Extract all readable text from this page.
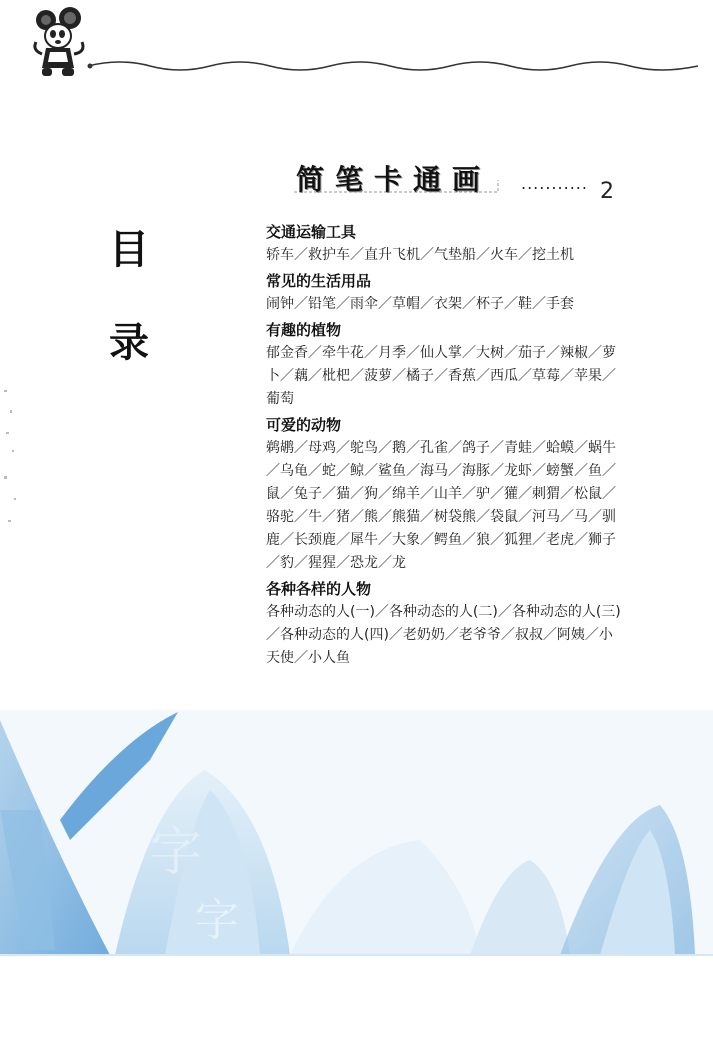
简笔卡通画 ........... 2
目
录
交通运输工具
轿车／救护车／直升飞机／气垫船／火车／挖土机
常见的生活用品
闹钟／铅笔／雨伞／草帽／衣架／杯子／鞋／手套
有趣的植物
郁金香／牵牛花／月季／仙人掌／大树／茄子／辣椒／萝卜／藕／枇杷／菠萝／橘子／香蕉／西瓜／草莓／苹果／葡萄
可爱的动物
鹈鹕／母鸡／鸵鸟／鹅／孔雀／鸽子／青蛙／蛤蟆／蜗牛／乌龟／蛇／鲸／鲨鱼／海马／海豚／龙虾／螃蟹／鱼／鼠／兔子／猫／狗／绵羊／山羊／驴／獾／刺猬／松鼠／骆驼／牛／猪／熊／熊猫／树袋熊／袋鼠／河马／马／驯鹿／长颈鹿／犀牛／大象／鳄鱼／狼／狐狸／老虎／狮子／豹／猩猩／恐龙／龙
各种各样的人物
各种动态的人(一)／各种动态的人(二)／各种动态的人(三)／各种动态的人(四)／老奶奶／老爷爷／叔叔／阿姨／小天使／小人鱼
字
字
